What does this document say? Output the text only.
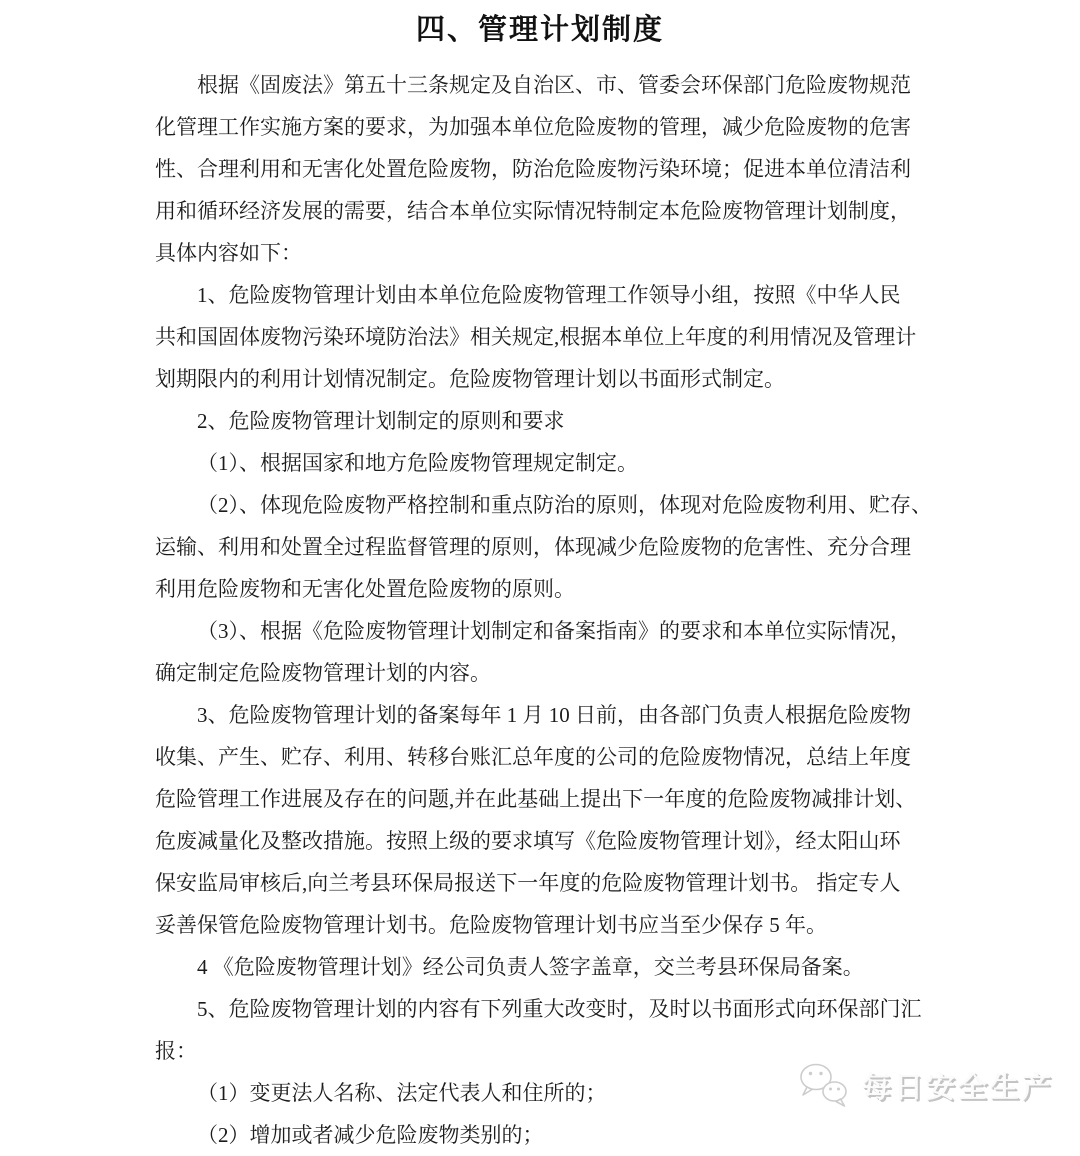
四、管理计划制度
根据《固废法》第五十三条规定及自治区、市、管委会环保部门危险废物规范
化管理工作实施方案的要求，为加强本单位危险废物的管理，减少危险废物的危害
性、合理利用和无害化处置危险废物，防治危险废物污染环境；促进本单位清洁利
用和循环经济发展的需要，结合本单位实际情况特制定本危险废物管理计划制度，
具体内容如下：
1、危险废物管理计划由本单位危险废物管理工作领导小组，按照《中华人民
共和国固体废物污染环境防治法》相关规定,根据本单位上年度的利用情况及管理计
划期限内的利用计划情况制定。危险废物管理计划以书面形式制定。
2、危险废物管理计划制定的原则和要求
（1）、根据国家和地方危险废物管理规定制定。
（2）、体现危险废物严格控制和重点防治的原则，体现对危险废物利用、贮存、
运输、利用和处置全过程监督管理的原则，体现减少危险废物的危害性、充分合理
利用危险废物和无害化处置危险废物的原则。
（3）、根据《危险废物管理计划制定和备案指南》的要求和本单位实际情况，
确定制定危险废物管理计划的内容。
3、危险废物管理计划的备案每年 1 月 10 日前，由各部门负责人根据危险废物
收集、产生、贮存、利用、转移台账汇总年度的公司的危险废物情况，总结上年度
危险管理工作进展及存在的问题,并在此基础上提出下一年度的危险废物减排计划、
危废减量化及整改措施。按照上级的要求填写《危险废物管理计划》，经太阳山环
保安监局审核后,向兰考县环保局报送下一年度的危险废物管理计划书。 指定专人
妥善保管危险废物管理计划书。危险废物管理计划书应当至少保存 5 年。
4 《危险废物管理计划》经公司负责人签字盖章，交兰考县环保局备案。
5、危险废物管理计划的内容有下列重大改变时，及时以书面形式向环保部门汇
报：
（1）变更法人名称、法定代表人和住所的；
（2）增加或者减少危险废物类别的；
每日安全生产
